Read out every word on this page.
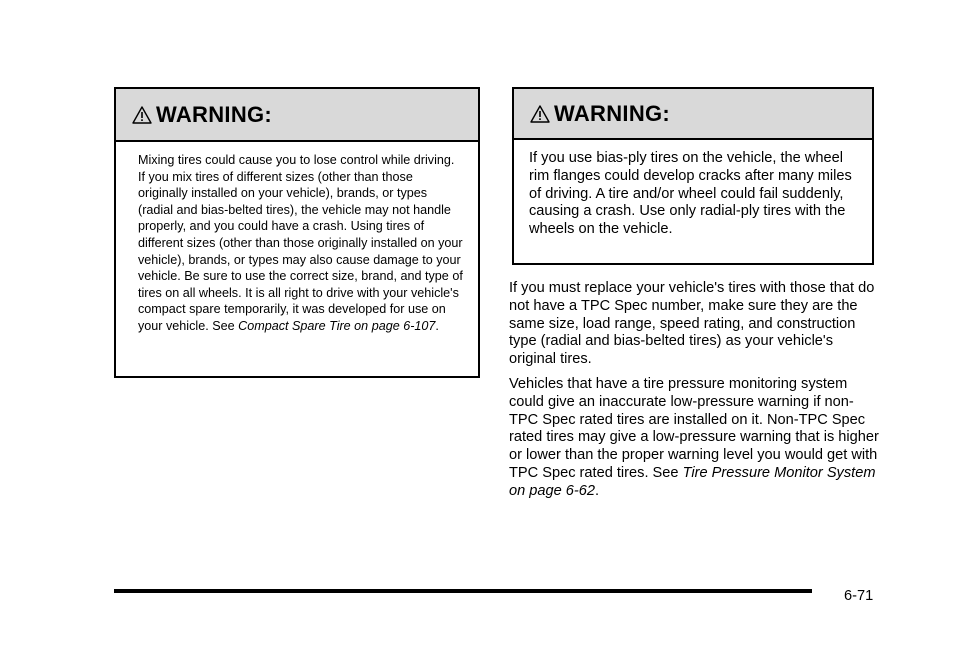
WARNING:
Mixing tires could cause you to lose control while driving. If you mix tires of different sizes (other than those originally installed on your vehicle), brands, or types (radial and bias-belted tires), the vehicle may not handle properly, and you could have a crash. Using tires of different sizes (other than those originally installed on your vehicle), brands, or types may also cause damage to your vehicle. Be sure to use the correct size, brand, and type of tires on all wheels. It is all right to drive with your vehicle's compact spare temporarily, it was developed for use on your vehicle. See Compact Spare Tire on page 6-107.
WARNING:
If you use bias-ply tires on the vehicle, the wheel rim flanges could develop cracks after many miles of driving. A tire and/or wheel could fail suddenly, causing a crash. Use only radial-ply tires with the wheels on the vehicle.

If you must replace your vehicle's tires with those that do not have a TPC Spec number, make sure they are the same size, load range, speed rating, and construction type (radial and bias-belted tires) as your vehicle's original tires.

Vehicles that have a tire pressure monitoring system could give an inaccurate low-pressure warning if non-TPC Spec rated tires are installed on it. Non-TPC Spec rated tires may give a low-pressure warning that is higher or lower than the proper warning level you would get with TPC Spec rated tires. See Tire Pressure Monitor System on page 6-62.

6-71
